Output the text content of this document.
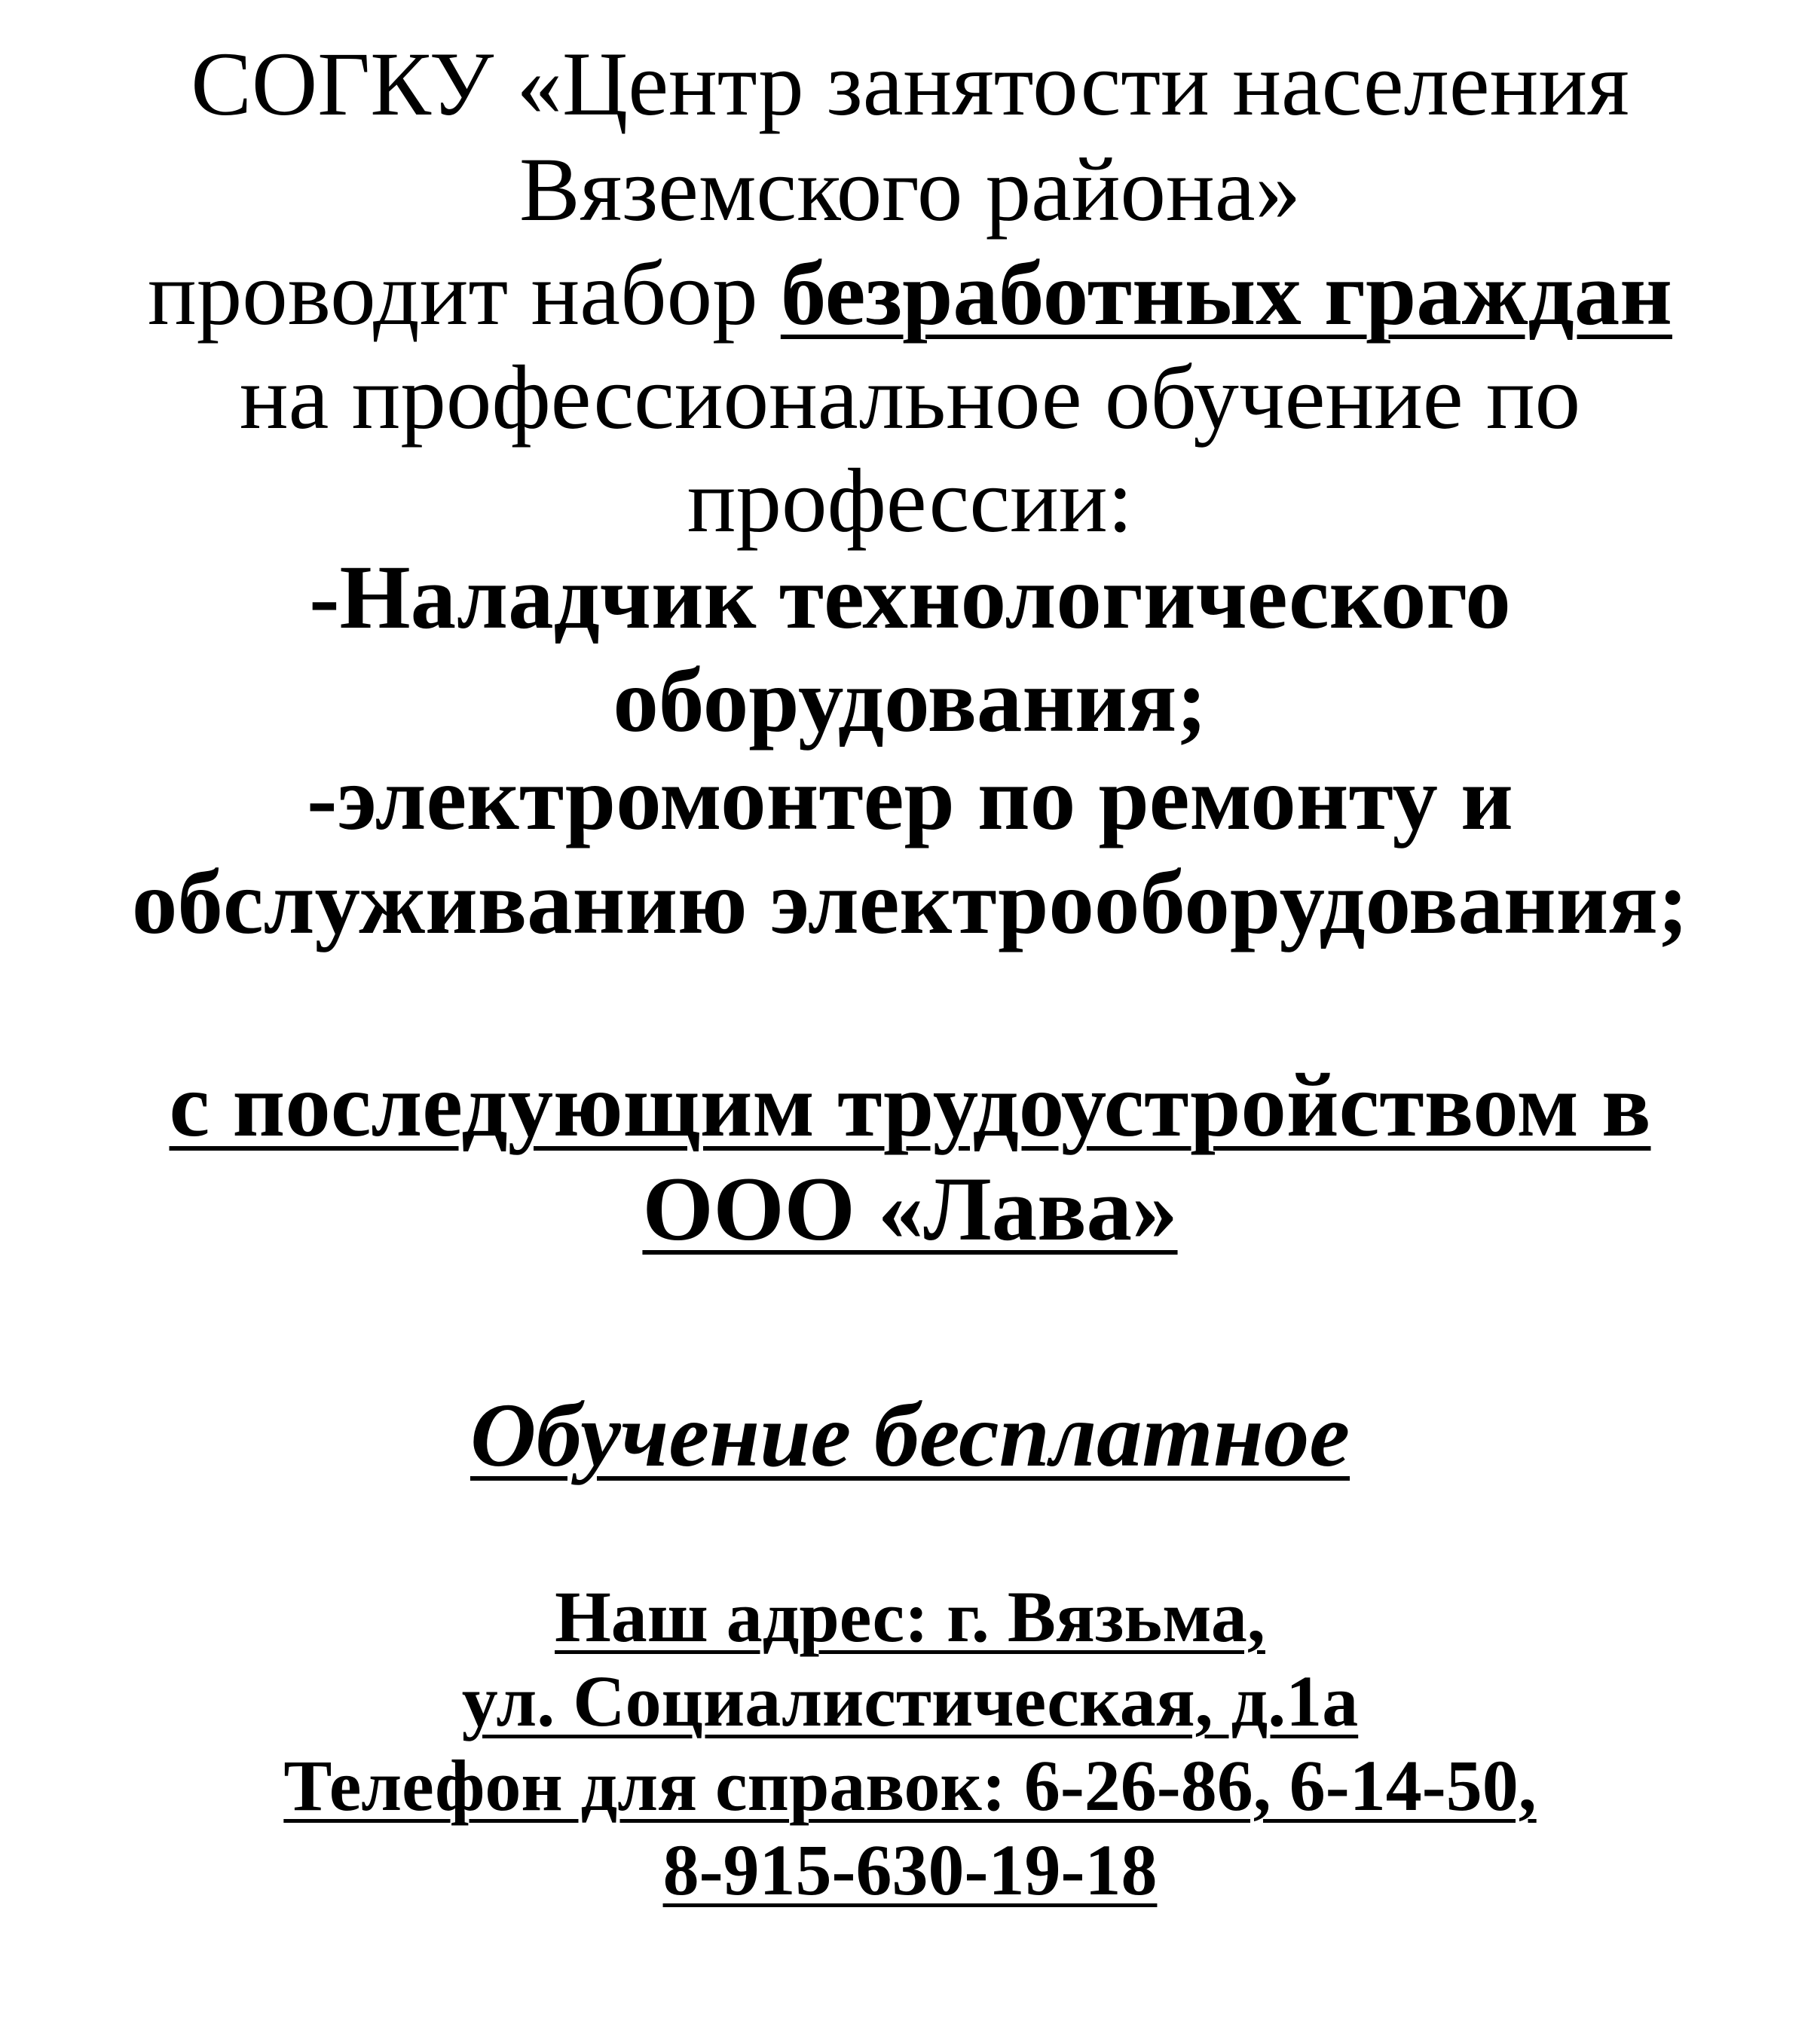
СОГКУ «Центр занятости населения
Вяземского района»
проводит набор безработных граждан
на профессиональное обучение по
профессии:
-Наладчик технологического
оборудования;
-электромонтер по ремонту и
обслуживанию электрооборудования;
с последующим трудоустройством в
ООО «Лава»
Обучение бесплатное
Наш адрес: г. Вязьма,
ул. Социалистическая, д.1а
Телефон для справок: 6-26-86, 6-14-50,
8-915-630-19-18
